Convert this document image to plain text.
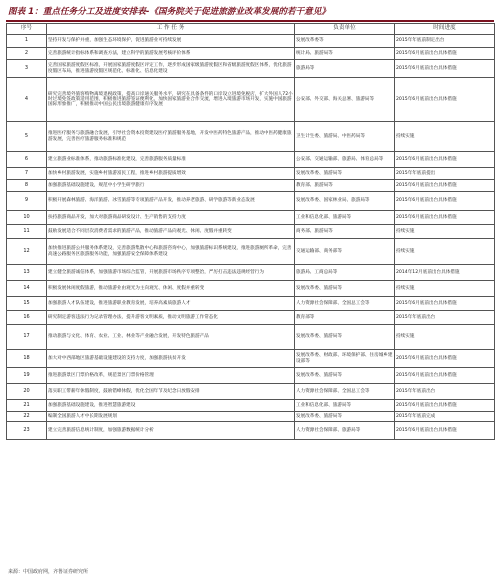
图表 1：重点任务分工及进度安排表-《国务院关于促进旅游业改革发展的若干意见》
序号	工 作 任 务	负责单位	时间进度
1	坚持开发与保护并重，加强生态环境保护，促进旅游业可持续发展	发展改革委等	2015年年底前制定出台
2	完善旅游统计指标体系和调查方法，建立科学的旅游发展考核评价体系	统计局、旅游局等	2015年6月底前出台具体措施
3	完善国家旅游度假区标准，开展国家旅游度假区评定工作，逐步形成国家级旅游度假区和省级旅游度假区体系，优化旅游度假区布局，推进旅游度假区规范化、标准化、信息化建设	旅游局等	2015年6月底前出台具体措施
4	研究完善境外旅客购物离境退税政策，提高口岸通关服务水平，研究在具备条件的口岸设立进境免税店，扩大外国人72小时过境免签政策适用范围，积极推进旅游签证便利化，加快国家旅游业合作交流，增进入境旅游市场开发，实施中国旅游国际形象推广，积极推动中国公民出境旅游健康有序发展	公安部、外交部、海关总署、旅游局等	2015年6月底前出台具体措施
5	推进医疗服务与旅游融合发展，引导社会资本投资建设医疗旅游服务基地，开发中医药特色旅游产品，推动中医药健康旅游发展，完善医疗旅游服务标准和规范	卫生计生委、旅游局、中医药局等	持续实施
6	建立旅游业标准体系，推动旅游标准化建设，完善旅游服务质量标准	公安部、交通运输部、旅游局、体育总局等	2015年6月底前出台具体措施
7	加快乡村旅游发展，实施乡村旅游富民工程，推进乡村旅游提质增效	发展改革委、旅游局等	2015年年底前提出
8	加强旅游基础设施建设，规范中小学生研学旅行	教育部、旅游局等	2015年6月底前出台具体措施
9	积极开展森林旅游、海洋旅游、冰雪旅游等专项旅游产品开发，推动养老旅游、研学旅游等新业态发展	发展改革委、国家林业局、旅游局等	2015年6月底前出台具体措施
10	扶持旅游商品开发，加大对旅游商品研发设计、生产销售的支持力度	工业和信息化部、旅游局等	2015年6月底前出台具体措施
11	鼓励发展适合不同层次消费者需求的旅游产品，推动旅游产品向观光、休闲、度假并重转变	商务部、旅游局等	持续实施
12	加快推进旅游公共服务体系建设，完善旅游集散中心和旅游咨询中心，加强旅游标识系统建设，推进旅游厕所革命，完善高速公路服务区旅游服务功能，加强旅游安全保障体系建设	交通运输部、商务部等	持续实施
13	建立健全旅游诚信体系，加强旅游市场综合监管，开展旅游市场秩序专项整治，严厉打击违法违规经营行为	旅游局、工商总局等	2014年12月底前出台具体措施
14	积极发展休闲度假旅游，推动旅游业由观光为主向观光、休闲、度假并重转变	发展改革委、旅游局等	持续实施
15	加强旅游人才队伍建设，推进旅游职业教育发展，培养高素质旅游人才	人力资源社会保障部、全国总工会等	2015年6月底前出台具体措施
16	研究制定游客违法行为记录管理办法，提升游客文明素质，推动文明旅游工作常态化	教育部等	2015年年底前出台
17	推动旅游与文化、体育、农业、工业、林业等产业融合发展，开发特色旅游产品	发展改革委、旅游局等	持续实施
18	加大对中西部地区旅游基础设施建设的支持力度，加强旅游扶贫开发	发展改革委、财政部、环境保护部、住房城乡建设部等	2015年6月底前出台具体措施
19	推进旅游景区门票价格改革，规范景区门票价格管理	发展改革委、旅游局等	2015年6月底前出台具体措施
20	落实职工带薪年休假制度，鼓励错峰休假，优化全国年节及纪念日放假安排	人力资源社会保障部、全国总工会等	2015年年底前出台
21	加强旅游基础设施建设，推进智慧旅游建设	工业和信息化部、旅游局等	2015年6月底前出台具体措施
22	编制全国旅游人才中长期发展规划	发展改革委、旅游局等	2015年年底前完成
23	建立完善旅游信息统计制度，加强旅游数据统计分析	人力资源社会保障部、旅游局等	2015年6月底前出台具体措施
来源：中国政府网，齐鲁证券研究所
